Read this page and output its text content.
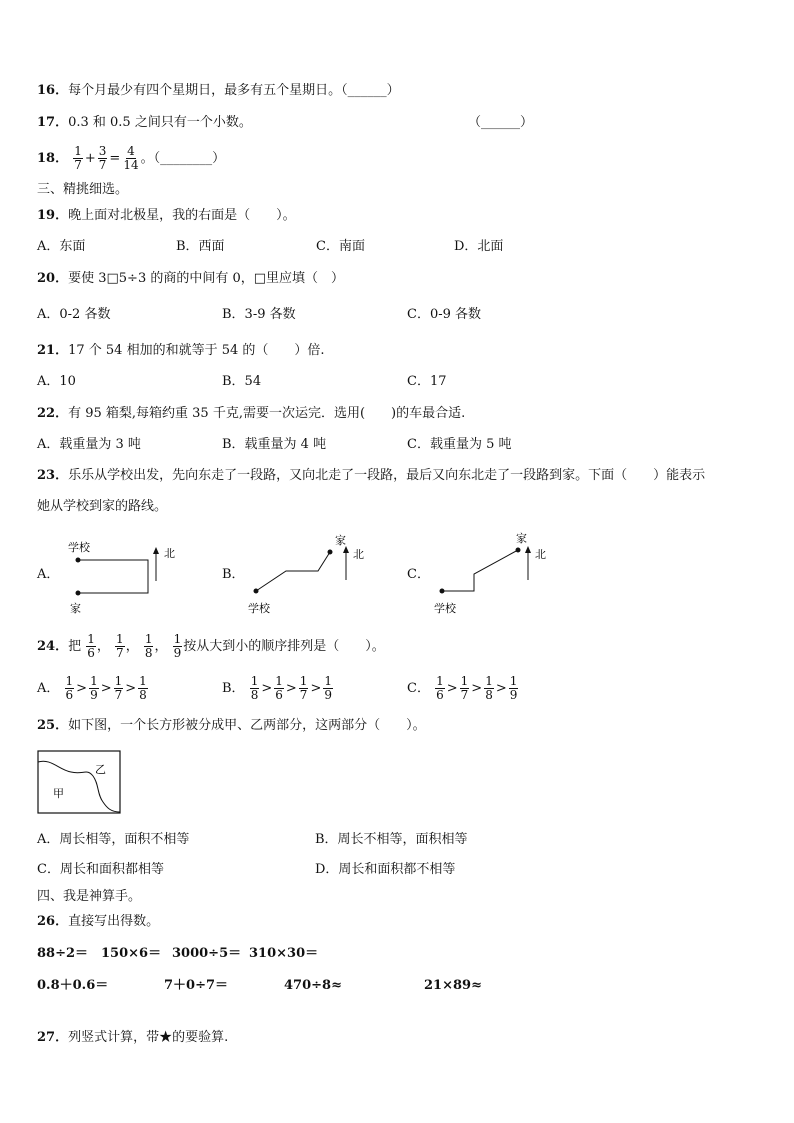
16．每个月最少有四个星期日，最多有五个星期日。（______）
17．0.3 和 0.5 之间只有一个小数。	（______）
18． $\frac{1}{7} + \frac{3}{7} = \frac{4}{14}$ 。（________）
三、精挑细选。
19．晚上面对北极星，我的右面是（　　）。
A．东面	B．西面	C．南面	D．北面
20．要使 3□5÷3 的商的中间有 0，□里应填（　）
A．0-2 各数	B．3-9 各数	C．0-9 各数
21．17 个 54 相加的和就等于 54 的（　　）倍.
A．10	B．54	C．17
22．有 95 箱梨,每箱约重 35 千克,需要一次运完．选用(　　)的车最合适.
A．载重量为 3 吨	B．载重量为 4 吨	C．载重量为 5 吨
23．乐乐从学校出发，先向东走了一段路，又向北走了一段路，最后又向东北走了一段路到家。下面（　　）能表示
她从学校到家的路线。
A．	B．	C．
学校
家
北
学校
家
北
学校
家
北
24．把 $\frac{1}{6}$ ， $\frac{1}{7}$ ， $\frac{1}{8}$ ， $\frac{1}{9}$ 按从大到小的顺序排列是（　　）。
A． $\frac{1}{6} > \frac{1}{9} > \frac{1}{7} > \frac{1}{8}$	B． $\frac{1}{8} > \frac{1}{6} > \frac{1}{7} > \frac{1}{9}$	C． $\frac{1}{6} > \frac{1}{7} > \frac{1}{8} > \frac{1}{9}$
25．如下图，一个长方形被分成甲、乙两部分，这两部分（　　）。
甲
乙
A．周长相等，面积不相等	B．周长不相等，面积相等
C．周长和面积都相等	D．周长和面积都不相等
四、我是神算手。
26．直接写出得数。
88÷2＝ 150×6＝ 3000÷5＝ 310×30＝
0.8＋0.6＝	7＋0÷7＝	470÷8≈	21×89≈
27．列竖式计算，带★的要验算.
